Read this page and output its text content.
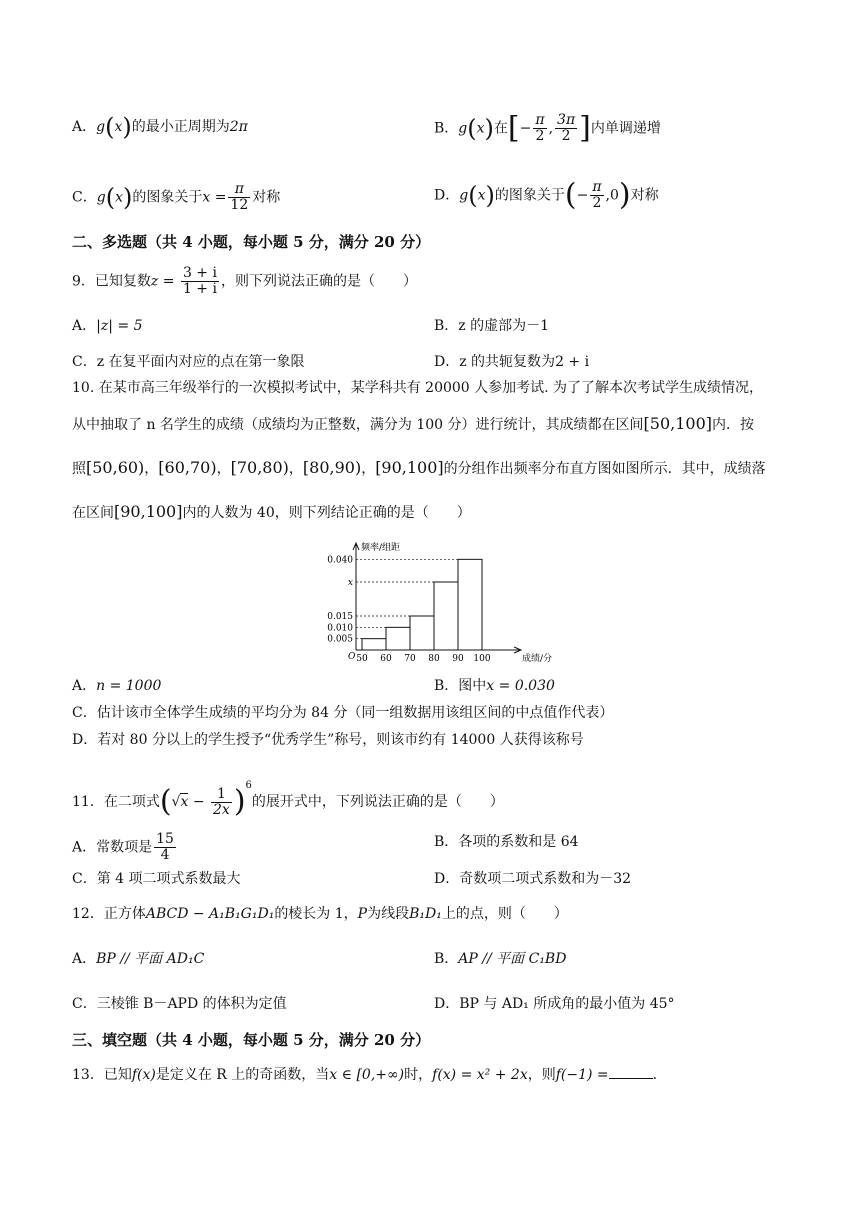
A．g(x)的最小正周期为2π	B．g(x)在[− $\frac{\pi}{2}$ , $\frac{3\pi}{2}$ ]内单调递增
C．g(x)的图象关于$x = \frac{\pi}{12}$ 对称	D．g(x)的图象关于(− $\frac{\pi}{2} ,0$)对称
二、多选题（共 4 小题，每小题 5 分，满分 20 分）
9．已知复数$z = \frac{3 + i}{1 + i}$ ，则下列说法正确的是（　　）
A．|z| = 5	B．z 的虚部为－1
C．z 在复平面内对应的点在第一象限	D．z 的共轭复数为2 + i
10. 在某市高三年级举行的一次模拟考试中，某学科共有 20000 人参加考试. 为了了解本次考试学生成绩情况，
从中抽取了 n 名学生的成绩（成绩均为正整数，满分为 100 分）进行统计，其成绩都在区间[50,100]内．按
照[50,60)，[60,70)，[70,80)，[80,90)，[90,100]的分组作出频率分布直方图如图所示．其中，成绩落
在区间[90,100]内的人数为 40，则下列结论正确的是（　　）
0.040
x
0.015
0.010
0.005
50 60 70 80 90 100
O
频率/组距
成绩/分
A．n = 1000	B．图中x = 0.030
C．估计该市全体学生成绩的平均分为 84 分（同一组数据用该组区间的中点值作代表）
D．若对 80 分以上的学生授予“优秀学生”称号，则该市约有 14000 人获得该称号
11．在二项式$(√x - \frac{1}{2x} )^6$的展开式中，下列说法正确的是（　　）
A．常数项是 $\frac{15}{4}$	B．各项的系数和是 64
C．第 4 项二项式系数最大	D．奇数项二项式系数和为－32
12．正方体ABCD − A₁B₁G₁D₁的棱长为 1，P为线段B₁D₁上的点，则（　　）
A．BP // 平面 AD₁C	B．AP // 平面 C₁BD
C．三棱锥 B－APD 的体积为定值	D．BP 与 AD₁ 所成角的最小值为 45°
三、填空题（共 4 小题，每小题 5 分，满分 20 分）
13．已知f(x)是定义在 R 上的奇函数，当x ∈ [0,+∞)时，f(x) = x² + 2x，则f(−1) =	.
